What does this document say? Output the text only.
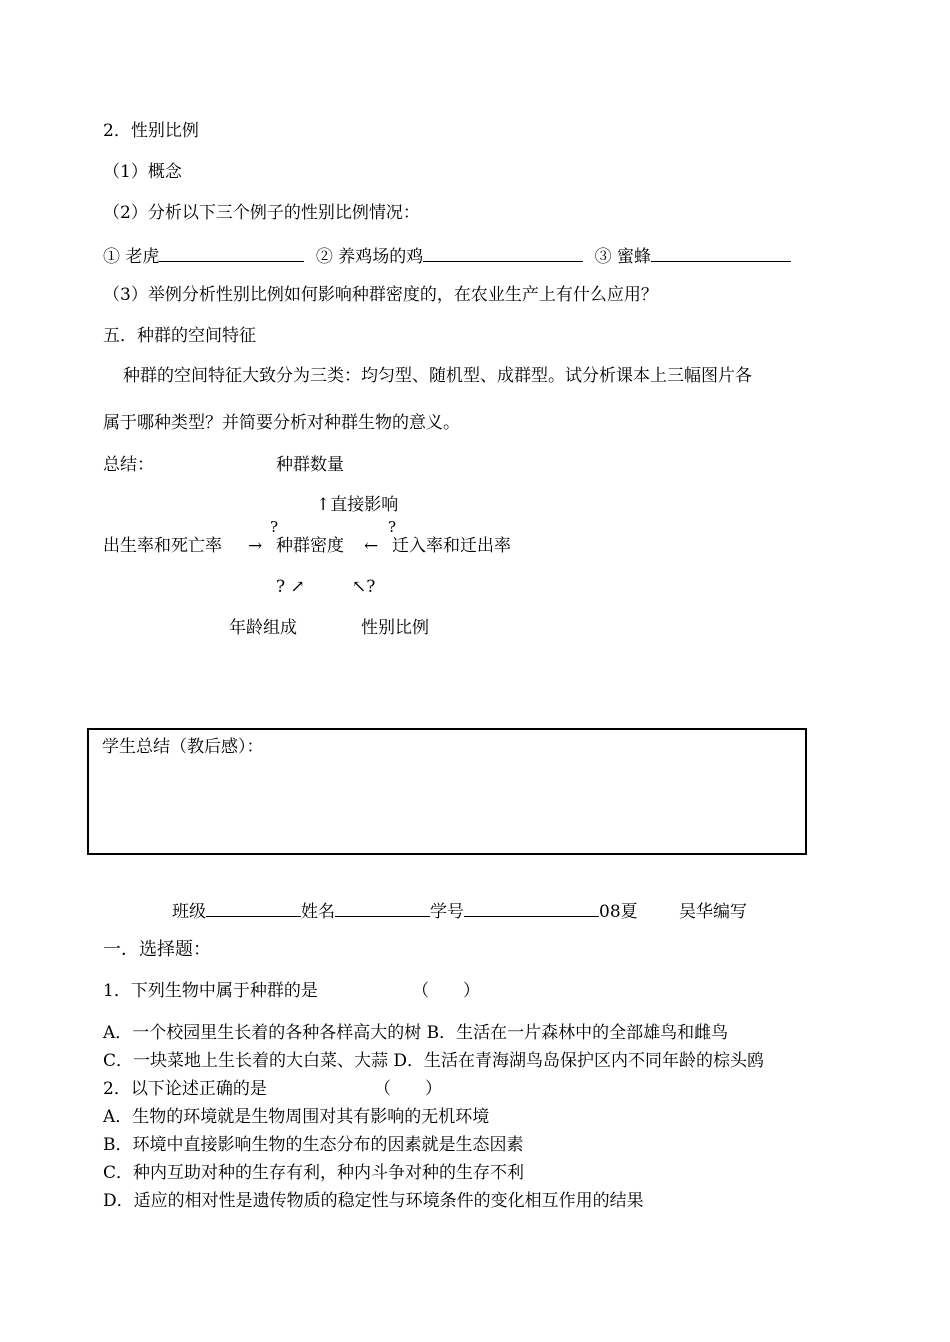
2．性别比例
（1）概念
（2）分析以下三个例子的性别比例情况：
① 老虎	② 养鸡场的鸡	③ 蜜蜂
（3）举例分析性别比例如何影响种群密度的，在农业生产上有什么应用？
五．种群的空间特征
种群的空间特征大致分为三类：均匀型、随机型、成群型。试分析课本上三幅图片各
属于哪种类型？并简要分析对种群生物的意义。
总结：	种群数量
↑直接影响
?	?
出生率和死亡率 → 种群密度 ← 迁入率和迁出率
? ↗	↖?
年龄组成	性别比例
学生总结（教后感）：
班级	姓名	学号	08夏 吴华编写
一．选择题：
1．下列生物中属于种群的是	（　　）
A．一个校园里生长着的各种各样高大的树 B．生活在一片森林中的全部雄鸟和雌鸟
C．一块菜地上生长着的大白菜、大蒜 D．生活在青海湖鸟岛保护区内不同年龄的棕头鸥
2．以下论述正确的是	（　　）
A．生物的环境就是生物周围对其有影响的无机环境
B．环境中直接影响生物的生态分布的因素就是生态因素
C．种内互助对种的生存有利，种内斗争对种的生存不利
D．适应的相对性是遗传物质的稳定性与环境条件的变化相互作用的结果
